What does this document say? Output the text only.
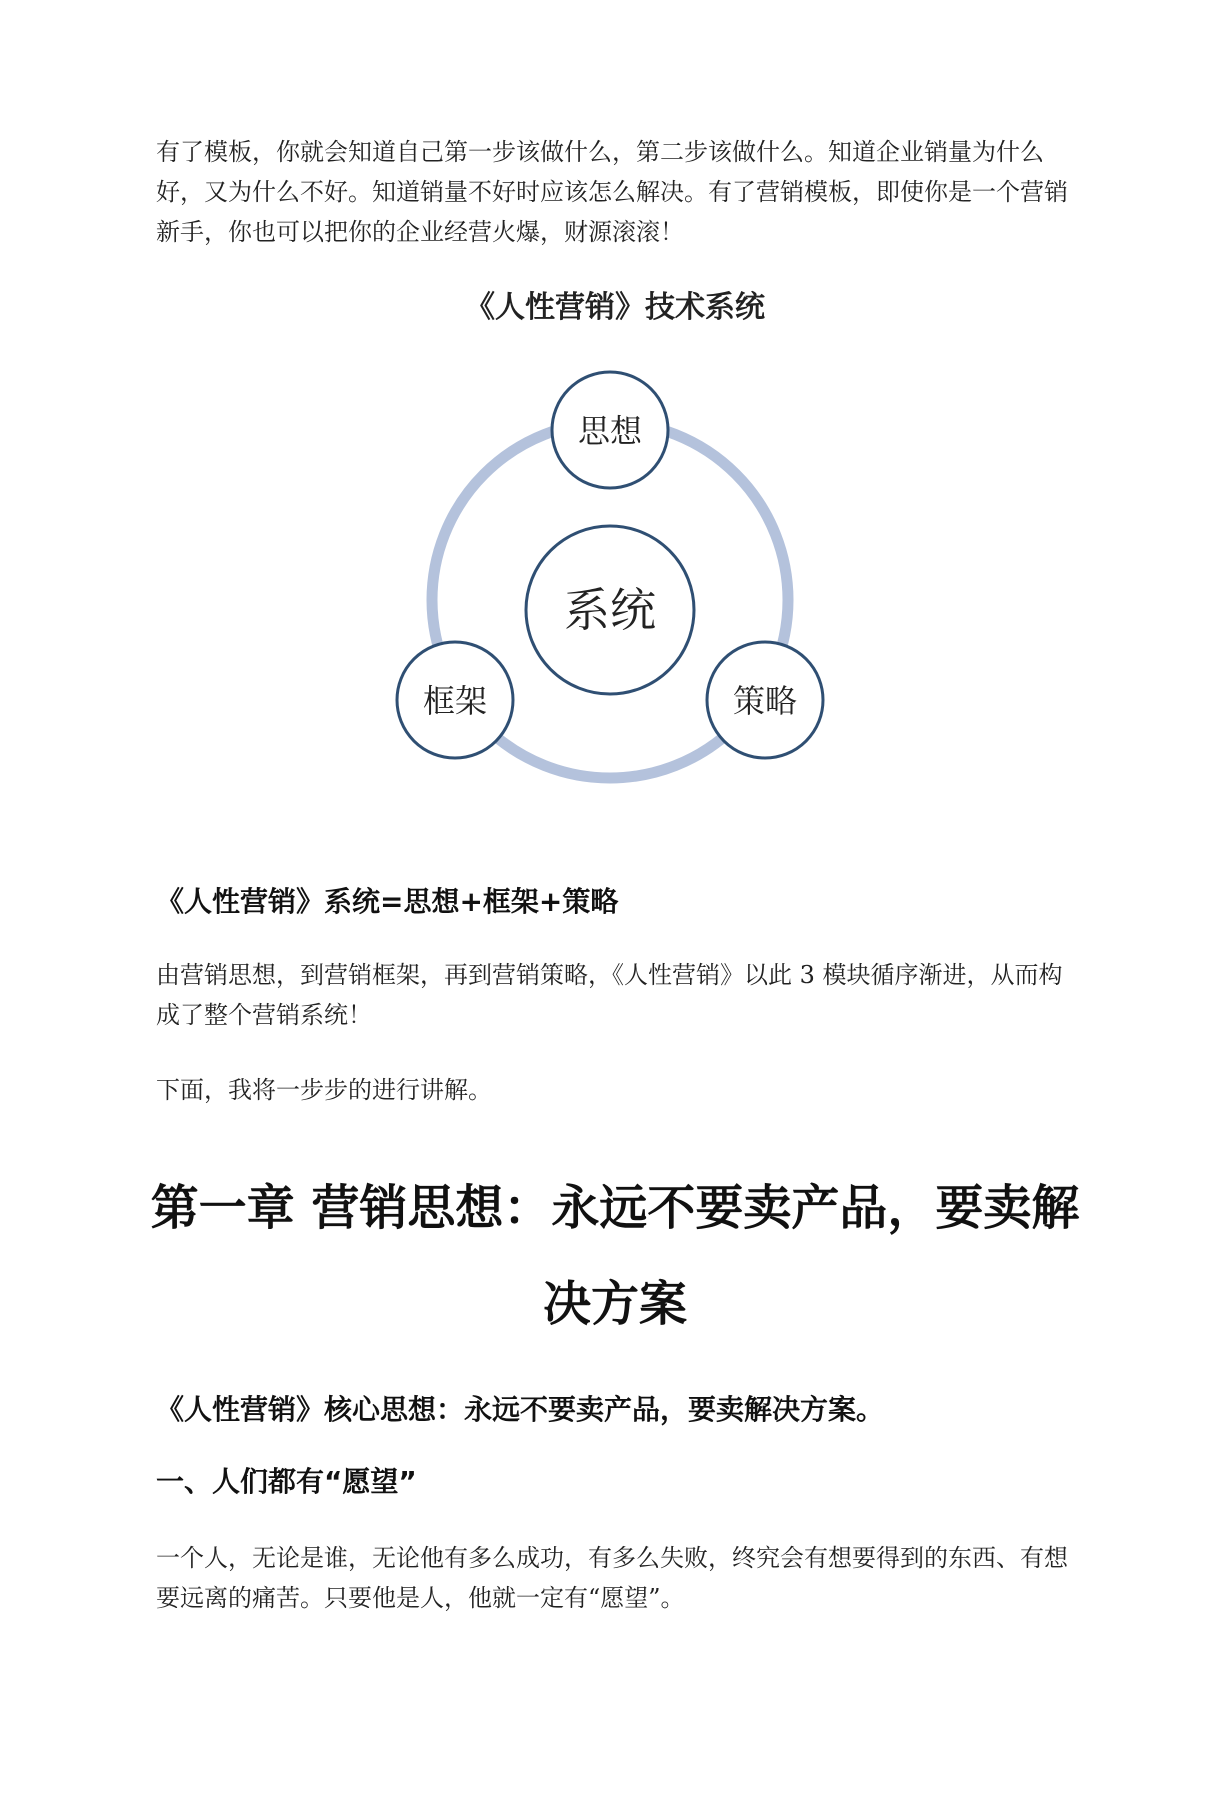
有了模板，你就会知道自己第一步该做什么，第二步该做什么。知道企业销量为什么好，又为什么不好。知道销量不好时应该怎么解决。有了营销模板，即使你是一个营销新手，你也可以把你的企业经营火爆，财源滚滚！

《人性营销》技术系统
系统
思想
框架	策略
《人性营销》系统=思想+框架+策略

由营销思想，到营销框架，再到营销策略，《人性营销》以此 3 模块循序渐进，从而构成了整个营销系统！

下面，我将一步步的进行讲解。

第一章 营销思想：永远不要卖产品，要卖解决方案
《人性营销》核心思想：永远不要卖产品，要卖解决方案。
一、人们都有“愿望”

一个人，无论是谁，无论他有多么成功，有多么失败，终究会有想要得到的东西、有想要远离的痛苦。只要他是人，他就一定有“愿望”。
